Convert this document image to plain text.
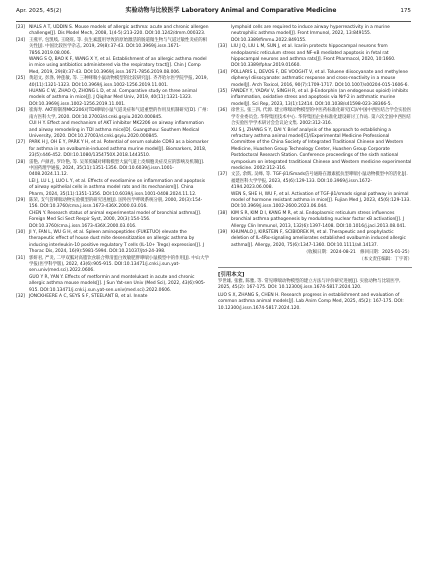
Apr. 2025, 45(2)	实验动物与比较医学 Laboratory Animal and Comparative Medicine	175
[23] NIALS A T, UDDIN S. Mouse models of allergic asthma: acute and chronic allergen challenge[J]. Dis Model Mech, 2008, 1(4-5):213-220. DOI:10.1242/dmm.000323.

[24] 王燕平, 包凯岐, 王晓旺, 等. 抗生素滥用导致的原始激活的肠道微生物与气道过敏性炎症的相关性[J]. 中国比较医学杂志, 2019, 29(8):37-43. DOI:10.3969/j.issn.1671-7856.2019.08.006.

WANG S Q, BAO K F, WANG X Y, et al. Establishment of an allergic asthma model in mice using antibiotics administered via the respiratory tract[J]. Chin J Comp Med, 2019, 29(8):37-43. DOI:10.3969/j.issn.1671-7856.2019.08.006.

[25] 黄超文, 彭涤, 钟莲敏, 等. 三种哮喘小鼠动物模型的比较研究[J]. 齐齐哈尔医学院学报, 2019, 40(11):1321-1323. DOI:10.3969/j.issn.1002-1256.2019.11.001.

HUANG C W, ZHAO Q, ZHONG L D, et al. Comparative study on three animal models of asthma in mice[J]. J Qiqihar Med Univ, 2019, 40(11):1321-1323. DOI:10.3969/j.issn.1002-1256.2019.11.001.

[26] 崔海寿. AKT抑制剂MK2206对TDI哮喘小鼠气道炎症和气道重塑的作用及机制研究[D]. 广州: 南方医科大学, 2020. DOI:10.27003/d.cnki.gsyiu.2020.000845.

CUI H Y. Effect and mechanism of AKT inhibitor MK2206 on airway inflammation and airway remodeling in TDI asthma mice[D]. Guangzhou: Southern Medical University, 2020. DOI:10.27003/d.cnki.gsyiu.2020.000845.

[27] PARK H J, OH E Y, PARK Y H, et al. Potential of serum soluble CD93 as a biomarker for asthma in an ovalbumin-induced asthma murine model[J]. Biomarkers, 2018, 23(5):446-452. DOI:10.1080/1354750X.2018.1443510.

[28] 雷艳, 卢颜君, 罗玲艳, 等. 吴茱萸碱对哮喘模型大鼠气道上皮细胞炎症反应的影响及机制[J]. 中国药理学通报, 2024, 35(11):1351-1356. DOI:10.6039/j.issn.1001-0408.2024.11.12.

LEI J, LU L J, LUO L Y, et al. Effects of evodiamine on inflammation and apoptosis of airway epithelial cells in asthma model rats and its mechanism[J]. China Pharm, 2024, 35(11):1351-1356. DOI:10.6039/j.issn.1001-0408.2024.11.12.

[29] 陈荣, 支气管哮喘动物实验模型的研究进展[J]. 国外医学呼吸系统分册, 2000, 20(3):154-156. DOI:10.3760/cma.j.issn.1673-436X.2000.03.016.

CHEN Y. Research status of animal experimental model of bronchial asthma[J]. Foreign Med Sci Sect Respir Syst, 2000, 20(3):154-156. DOI:10.3760/cma.j.issn.1673-436X.2000.03.016.

[30] JI Y, FAN L, WU G H, et al. Spleen aminopeptides (FUKETUO) elevate the therapeutic effect of house dust mite desensitization on allergic asthma by inducing interleukin-10 positive regulatory T cells (IL-10+ Tregs) expression[J]. J Thorac Dis, 2024, 16(9):5981-5994. DOI:10.21037/jtd-24-398.

[31] 郭妍君, 严炎, 二甲双胍对高脂饮食联合卵清蛋白致敏肥胖哮喘小鼠模型中的作用[J]. 中山大学学报(医学科学版), 2022, 43(6):905-915. DOI:10.13471/j.cnki.j.sun.yat-sen.univ(med.sci).2022.0606.

GUO Y R, YAN Y. Effects of metformin and montelukast in acute and chronic allergic asthma mouse models[J]. J Sun Yat-sen Univ (Med Sci), 2022, 43(6):905-915. DOI:10.13471/j.cnki.j.sun.yat-sen.univ(med.sci).2022.0606.

[32] JONCKHEERE A C, SEYS S F, STEELANT B, et al. Innate

lymphoid cells are required to induce airway hyperreactivity in a murine neutrophilic asthma model[J]. Front Immunol, 2022, 13:849155. DOI:10.3389/fimmu.2022.849155.

[33] LIU J Q, LIU L M, SUN J, et al. Icariin protects hippocampal neurons from endoplasmic reticulum stress and NF-κB mediated apoptosis in fetal rat hippocampal neurons and asthma rats[J]. Front Pharmacol, 2020, 10:1660. DOI:10.3389/fphar.2019.01660.

[34] POLLARIS L, DEVOS F, DE VOOGHT V, et al. Toluene diisocyanate and methylene diphenyl diisocyanate: asthmatic response and cross-reactivity in a mouse model[J]. Arch Toxicol, 2016, 90(7):1709-1717. DOI:10.1007/s00204-015-1606-6.

[35] FANDEY Y, YADAV V, SINGH R, et al. β-Endorphin (an endogenous opioid) inhibits inflammation, oxidative stress and apoptosis via Nrf-2 in asthmatic murine model[J]. Sci Rep, 2023, 13(1):12414. DOI:10.1038/s41598-023-38366-5.

[36] 徐世玉, 张三四, 代源. 建立哮喘动物模型的中医药标准化研究[C]//中国中西医结合学会实验医学专业委员会, 华得集团技术中心. 华得集团企业标准化建设研讨工作站. 第六次全国中西医结合实验医学学术研讨会会议论文集. 2002:312-316.

XU S J, ZHANG S Y, DAI Y. Brief analysis of the approach to establishing a refractory asthma animal model[C]//Experimental Medicine Professional Committee of the China Society of Integrated Traditional Chinese and Western Medicine, Huashen Group Technology Center, Huashen Group Corporate Postdoctoral Research Station. Conference proceedings of the sixth national symposium on integrated traditional Chinese and Western medicine experimental medicine. 2002:312-316.

[37] 文芸, 余辉, 吴峰, 等. TGF-β1/Smads信号通路在激素抵抗型哮喘小鼠动物模型中的活化[J]. 福建医科大学学报, 2023, 45(6):129-133. DOI:10.3969/j.issn.1672-4194.2023.06.008.

WEN S, SHE H, WU F, et al. Activation of TGF-β1/smads signal pathway in animal model of hormone resistant asthma in mice[J]. Fujian Med J, 2023, 45(6):129-133. DOI:10.3969/j.issn.1002-2600.2023.06.044.

[38] KIM S R, KIM D I, KANG M R, et al. Endoplasmic reticulum stress influences bronchial asthma pathogenesis by modulating nuclear factor κB activation[J]. J Allergy Clin Immunol, 2013, 132(6):1397-1408. DOI:10.1016/j.jaci.2013.08.041.

[39] KHUMALO J, KIRSTEIN F, SCIBIOREK M, et al. Therapeutic and prophylactic deletion of IL-4Rα-signaling ameliorates established ovalbumin induced allergic asthma[J]. Allergy, 2020, 75(6):1347-1360. DOI:10.1111/all.14137.

（收稿日期：2024-08-21　修回日期：2025-01-25）
（本文责任编辑：丁宇菁）
[引用本文]

罗世雄, 张雅, 陈雅, 等. 常见哮喘动物模型的建立方法与评价研究进展[J]. 实验动物与比较医学, 2025, 45(2): 167-175. DOI: 10.12300/j.issn.1674-5817.2024.120.

LUO S X, ZHANG S, CHEN H. Research progress in establishment and evaluation of common asthma animal models[J]. Lab Anim Comp Med, 2025, 45(2): 167-175. DOI: 10.12300/j.issn.1674-5817.2024.120.
